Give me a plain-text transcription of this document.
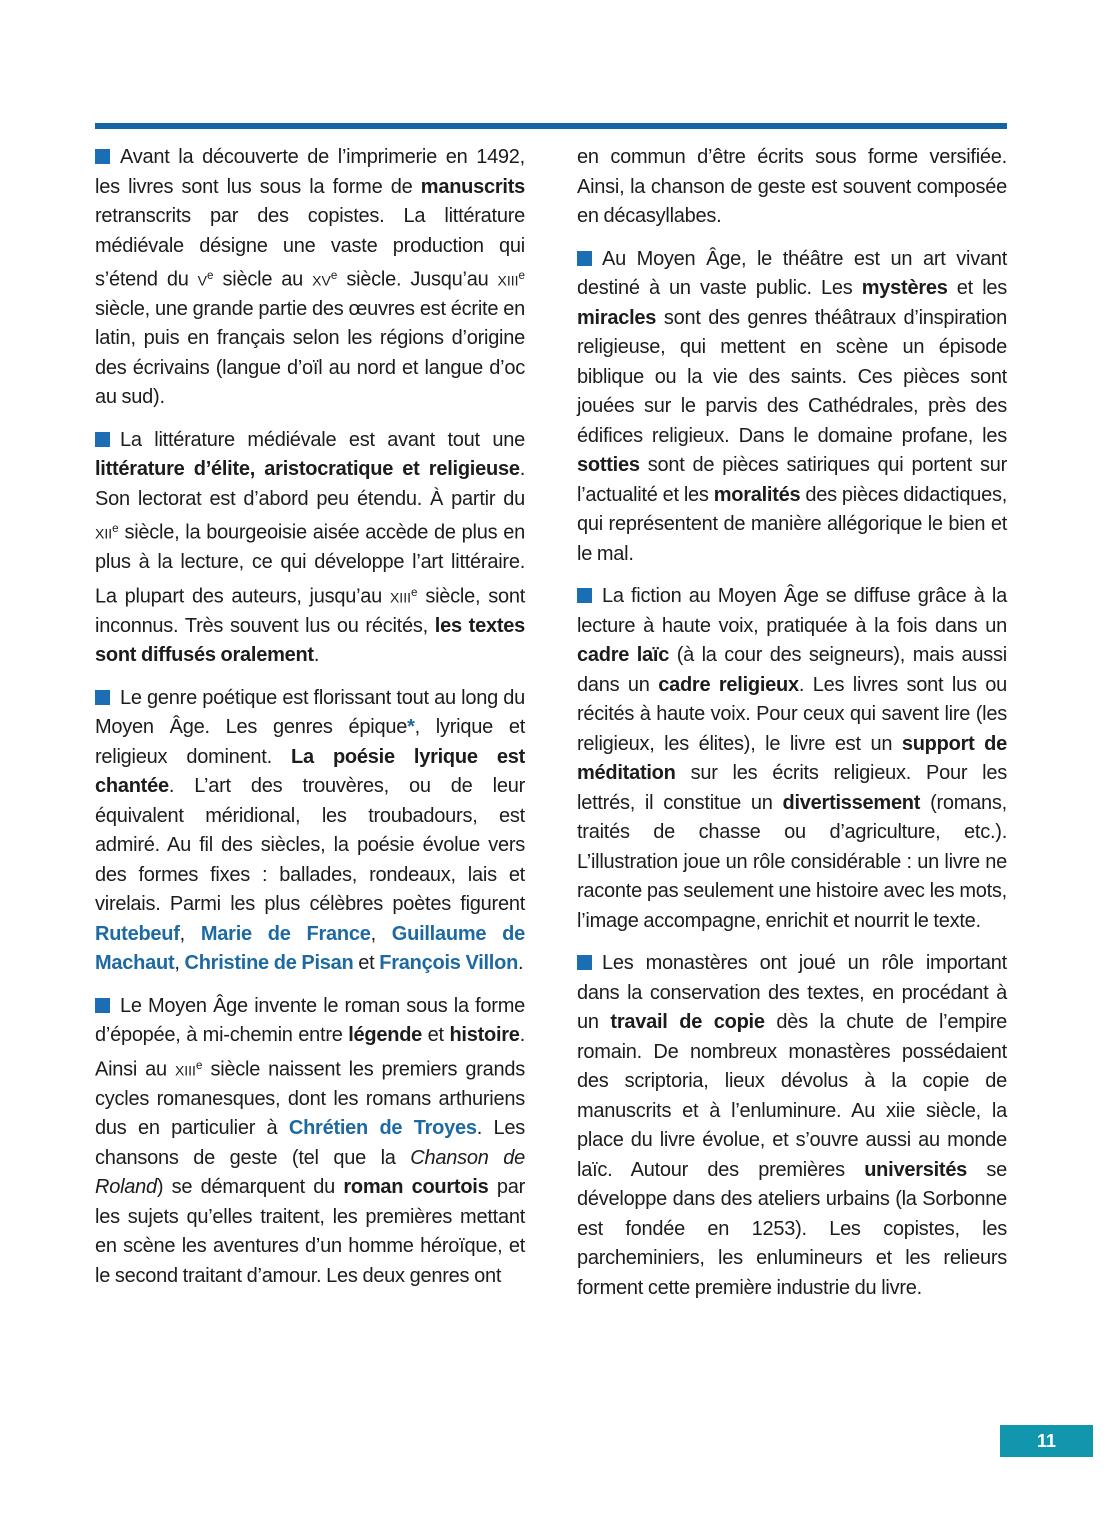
Avant la découverte de l’imprimerie en 1492, les livres sont lus sous la forme de manuscrits retranscrits par des copistes. La littérature médiévale désigne une vaste production qui s’étend du $v^e$ siècle au $xv^e$ siècle. Jusqu’au xiii$^e$ siècle, une grande partie des œuvres est écrite en latin, puis en français selon les régions d’origine des écrivains (langue d’oïl au nord et langue d’oc au sud).

La littérature médiévale est avant tout une littérature d’élite, aristocratique et religieuse. Son lectorat est d’abord peu étendu. À partir du xii$^e$ siècle, la bourgeoisie aisée accède de plus en plus à la lecture, ce qui développe l’art littéraire. La plupart des auteurs, jusqu’au xiii$^e$ siècle, sont inconnus. Très souvent lus ou récités, les textes sont diffusés oralement.

Le genre poétique est florissant tout au long du Moyen Âge. Les genres épique*, lyrique et religieux dominent. La poésie lyrique est chantée. L’art des trouvères, ou de leur équivalent méridional, les troubadours, est admiré. Au fil des siècles, la poésie évolue vers des formes fixes : ballades, rondeaux, lais et virelais. Parmi les plus célèbres poètes figurent Rutebeuf, Marie de France, Guillaume de Machaut, Christine de Pisan et François Villon.

Le Moyen Âge invente le roman sous la forme d’épopée, à mi-chemin entre légende et histoire. Ainsi au xiii$^e$ siècle naissent les premiers grands cycles romanesques, dont les romans arthuriens dus en particulier à Chrétien de Troyes. Les chansons de geste (tel que la Chanson de Roland) se démarquent du roman courtois par les sujets qu’elles traitent, les premières mettant en scène les aventures d’un homme héroïque, et le second traitant d’amour. Les deux genres ont

en commun d’être écrits sous forme versifiée. Ainsi, la chanson de geste est souvent composée en décasyllabes.

Au Moyen Âge, le théâtre est un art vivant destiné à un vaste public. Les mystères et les miracles sont des genres théâtraux d’inspiration religieuse, qui mettent en scène un épisode biblique ou la vie des saints. Ces pièces sont jouées sur le parvis des Cathédrales, près des édifices religieux. Dans le domaine profane, les sotties sont de pièces satiriques qui portent sur l’actualité et les moralités des pièces didactiques, qui représentent de manière allégorique le bien et le mal.

La fiction au Moyen Âge se diffuse grâce à la lecture à haute voix, pratiquée à la fois dans un cadre laïc (à la cour des seigneurs), mais aussi dans un cadre religieux. Les livres sont lus ou récités à haute voix. Pour ceux qui savent lire (les religieux, les élites), le livre est un support de méditation sur les écrits religieux. Pour les lettrés, il constitue un divertissement (romans, traités de chasse ou d’agriculture, etc.). L’illustration joue un rôle considérable : un livre ne raconte pas seulement une histoire avec les mots, l’image accompagne, enrichit et nourrit le texte.

Les monastères ont joué un rôle important dans la conservation des textes, en procédant à un travail de copie dès la chute de l’empire romain. De nombreux monastères possédaient des scriptoria, lieux dévolus à la copie de manuscrits et à l’enluminure. Au xiie siècle, la place du livre évolue, et s’ouvre aussi au monde laïc. Autour des premières universités se développe dans des ateliers urbains (la Sorbonne est fondée en 1253). Les copistes, les parcheminiers, les enlumineurs et les relieurs forment cette première industrie du livre.

11
